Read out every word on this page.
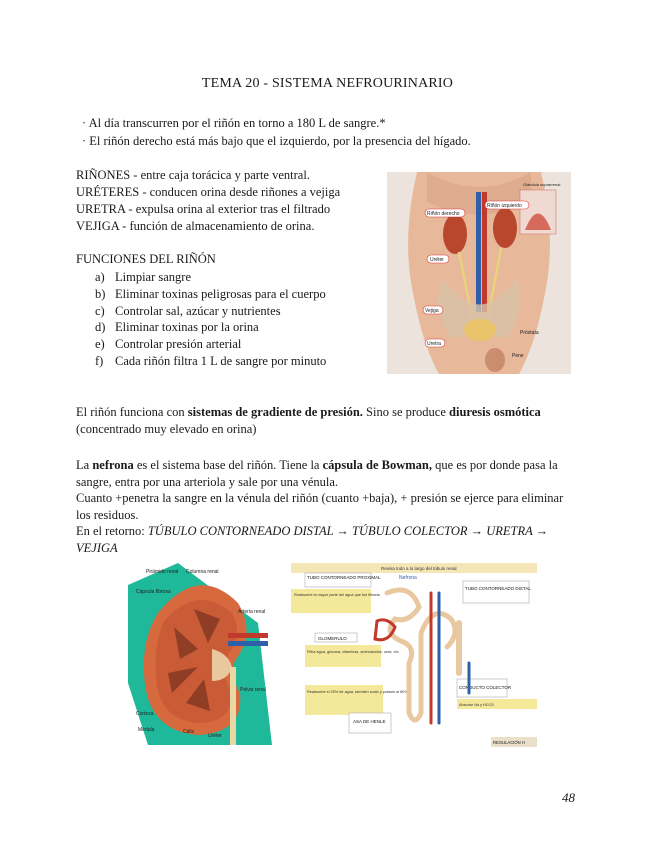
TEMA 20 - SISTEMA NEFROURINARIO
· Al día transcurren por el riñón en torno a 180 L de sangre.*
· El riñón derecho está más bajo que el izquierdo, por la presencia del hígado.
RIÑONES - entre caja torácica y parte ventral.
URÉTERES - conducen orina desde riñones a vejiga
URETRA - expulsa orina al exterior tras el filtrado
VEJIGA - función de almacenamiento de orina.
FUNCIONES DEL RIÑÓN
a) Limpiar sangre
b) Eliminar toxinas peligrosas para el cuerpo
c) Controlar sal, azúcar y nutrientes
d) Eliminar toxinas por la orina
e) Controlar presión arterial
f) Cada riñón filtra 1 L de sangre por minuto
Riñón derecho
Riñón izquierdo
Uréter
Vejiga
Uretra
Próstata
Pene
Glándula suprarrenal
El riñón funciona con sistemas de gradiente de presión. Sino se produce diuresis osmótica
(concentrado muy elevado en orina)
La nefrona es el sistema base del riñón. Tiene la cápsula de Bowman, que es por donde pasa la
sangre, entra por una arteriola y sale por una vénula.
Cuanto +penetra la sangre en la vénula del riñón (cuanto +baja), + presión se ejerce para eliminar
los residuos.
En el retorno: TÚBULO CONTORNEADO DISTAL → TÚBULO COLECTOR → URETRA →
VEJIGA
Pirámide renal Columna renal
Cápsula fibrosa
Arteria renal
Pelvis renal
Corteza
Médula	Cáliz
Uréter
Revisa todo a lo largo del túbulo renal
TUBO CONTORNEADO PROXIMAL
Reabsorbe la mayor parte del agua que fue filtrada
Nefrona
TUBO CONTORNEADO DISTAL
GLOMERULO
Filtra agua, glucosa, vitaminas, aminoácidos, urea, etc.
Reabsorbe el 25% de agua, también sodio y potasio al 80%
ASA DE HENLE
CONDUCTO COLECTOR
Absorbe Na y HCO3
REGULACIÓN H
48
